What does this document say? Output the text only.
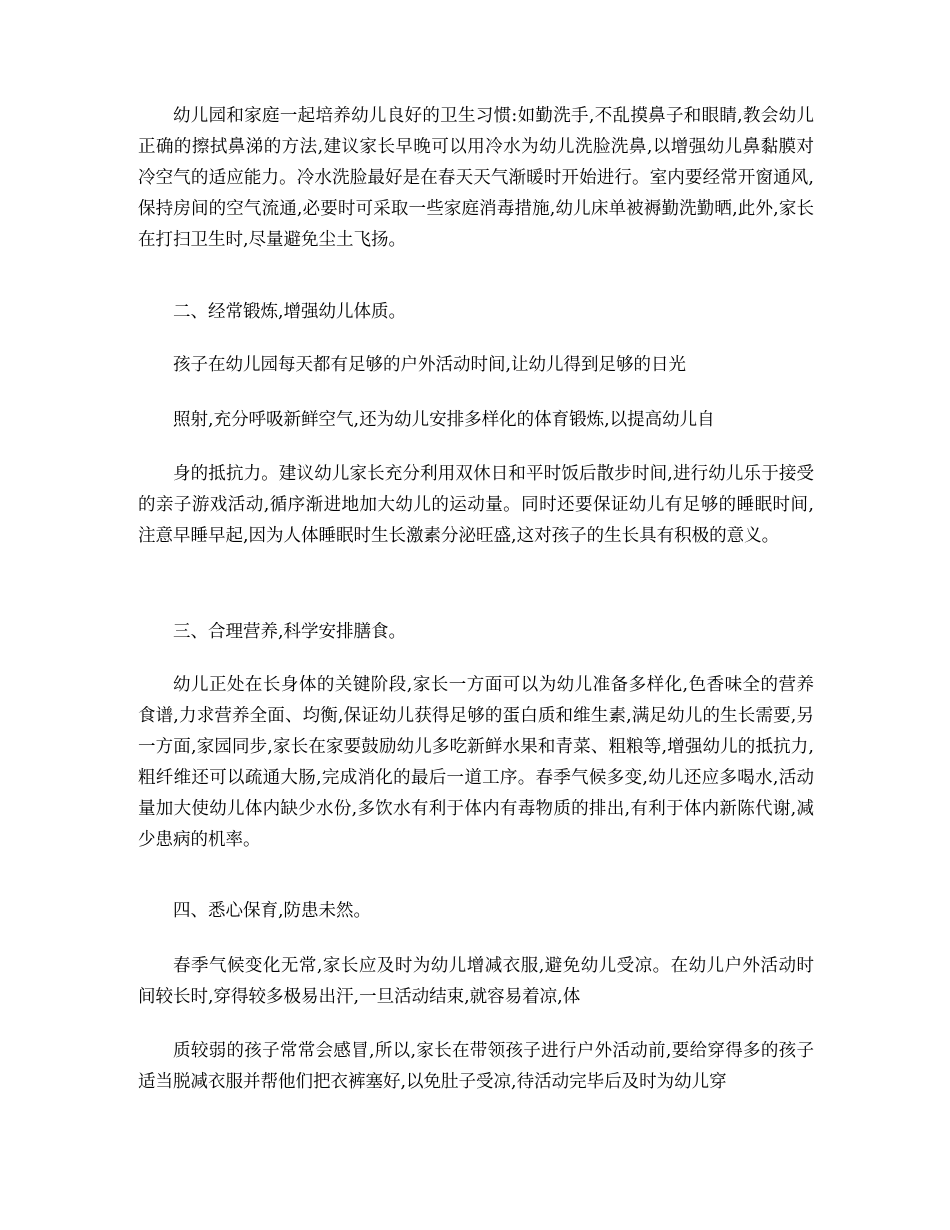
幼儿园和家庭一起培养幼儿良好的卫生习惯:如勤洗手,不乱摸鼻子和眼睛,教会幼儿正确的擦拭鼻涕的方法,建议家长早晚可以用冷水为幼儿洗脸洗鼻,以增强幼儿鼻黏膜对冷空气的适应能力。冷水洗脸最好是在春天天气渐暖时开始进行。室内要经常开窗通风,保持房间的空气流通,必要时可采取一些家庭消毒措施,幼儿床单被褥勤洗勤晒,此外,家长在打扫卫生时,尽量避免尘土飞扬。

二、经常锻炼,增强幼儿体质。

孩子在幼儿园每天都有足够的户外活动时间,让幼儿得到足够的日光

照射,充分呼吸新鲜空气,还为幼儿安排多样化的体育锻炼,以提高幼儿自

身的抵抗力。建议幼儿家长充分利用双休日和平时饭后散步时间,进行幼儿乐于接受的亲子游戏活动,循序渐进地加大幼儿的运动量。同时还要保证幼儿有足够的睡眠时间,注意早睡早起,因为人体睡眠时生长激素分泌旺盛,这对孩子的生长具有积极的意义。

三、合理营养,科学安排膳食。

幼儿正处在长身体的关键阶段,家长一方面可以为幼儿准备多样化,色香味全的营养食谱,力求营养全面、均衡,保证幼儿获得足够的蛋白质和维生素,满足幼儿的生长需要,另一方面,家园同步,家长在家要鼓励幼儿多吃新鲜水果和青菜、粗粮等,增强幼儿的抵抗力,粗纤维还可以疏通大肠,完成消化的最后一道工序。春季气候多变,幼儿还应多喝水,活动量加大使幼儿体内缺少水份,多饮水有利于体内有毒物质的排出,有利于体内新陈代谢,减少患病的机率。

四、悉心保育,防患未然。

春季气候变化无常,家长应及时为幼儿增减衣服,避免幼儿受凉。在幼儿户外活动时间较长时,穿得较多极易出汗,一旦活动结束,就容易着凉,体

质较弱的孩子常常会感冒,所以,家长在带领孩子进行户外活动前,要给穿得多的孩子适当脱减衣服并帮他们把衣裤塞好,以免肚子受凉,待活动完毕后及时为幼儿穿
